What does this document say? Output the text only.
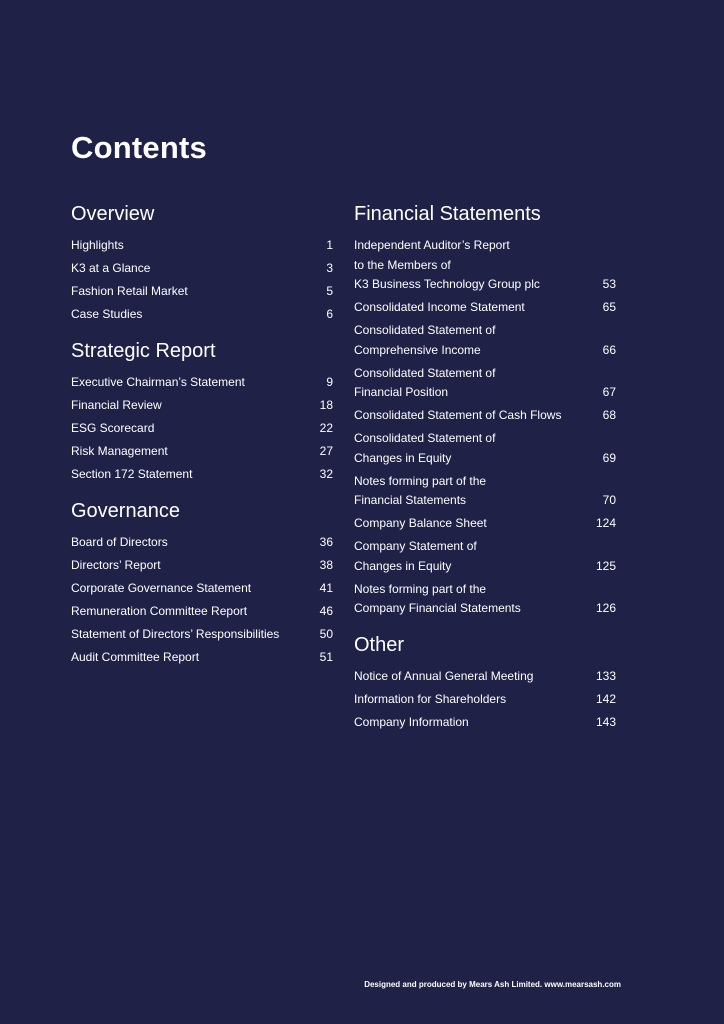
Contents
Overview
Highlights	1
K3 at a Glance	3
Fashion Retail Market	5
Case Studies	6
Strategic Report
Executive Chairman’s Statement	9
Financial Review	18
ESG Scorecard	22
Risk Management	27
Section 172 Statement	32
Governance
Board of Directors	36
Directors’ Report	38
Corporate Governance Statement	41
Remuneration Committee Report	46
Statement of Directors’ Responsibilities	50
Audit Committee Report	51
Financial Statements
Independent Auditor’s Report
to the Members of
K3 Business Technology Group plc	53
Consolidated Income Statement	65
Consolidated Statement of
Comprehensive Income	66
Consolidated Statement of
Financial Position	67
Consolidated Statement of Cash Flows	68
Consolidated Statement of
Changes in Equity	69
Notes forming part of the
Financial Statements	70
Company Balance Sheet	124
Company Statement of
Changes in Equity	125
Notes forming part of the
Company Financial Statements	126
Other
Notice of Annual General Meeting	133
Information for Shareholders	142
Company Information	143
Designed and produced by Mears Ash Limited. www.mearsash.com
